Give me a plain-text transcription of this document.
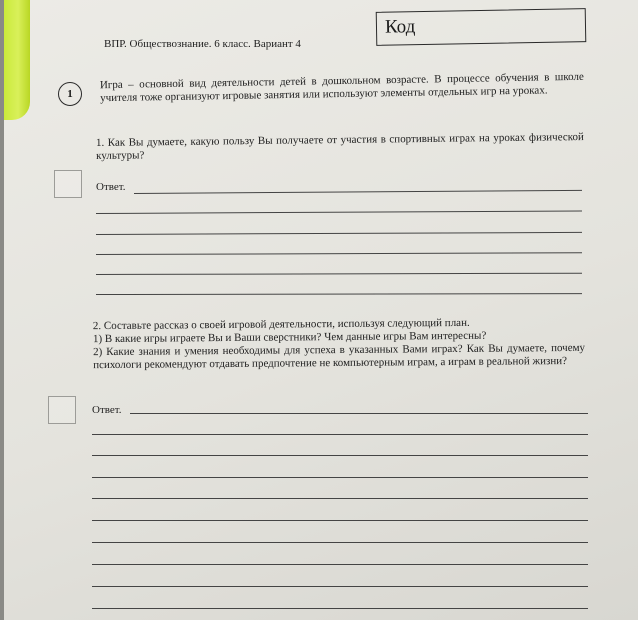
ВПР. Обществознание. 6 класс. Вариант 4
Код
1
Игра – основной вид деятельности детей в дошкольном возрасте. В процессе обучения в школе учителя тоже организуют игровые занятия или используют элементы отдельных игр на уроках.
1. Как Вы думаете, какую пользу Вы получаете от участия в спортивных играх на уроках физической культуры?
Ответ.
2. Составьте рассказ о своей игровой деятельности, используя следующий план.
1) В какие игры играете Вы и Ваши сверстники? Чем данные игры Вам интересны?
2) Какие знания и умения необходимы для успеха в указанных Вами играх? Как Вы думаете, почему психологи рекомендуют отдавать предпочтение не компьютерным играм, а играм в реальной жизни?
Ответ.
